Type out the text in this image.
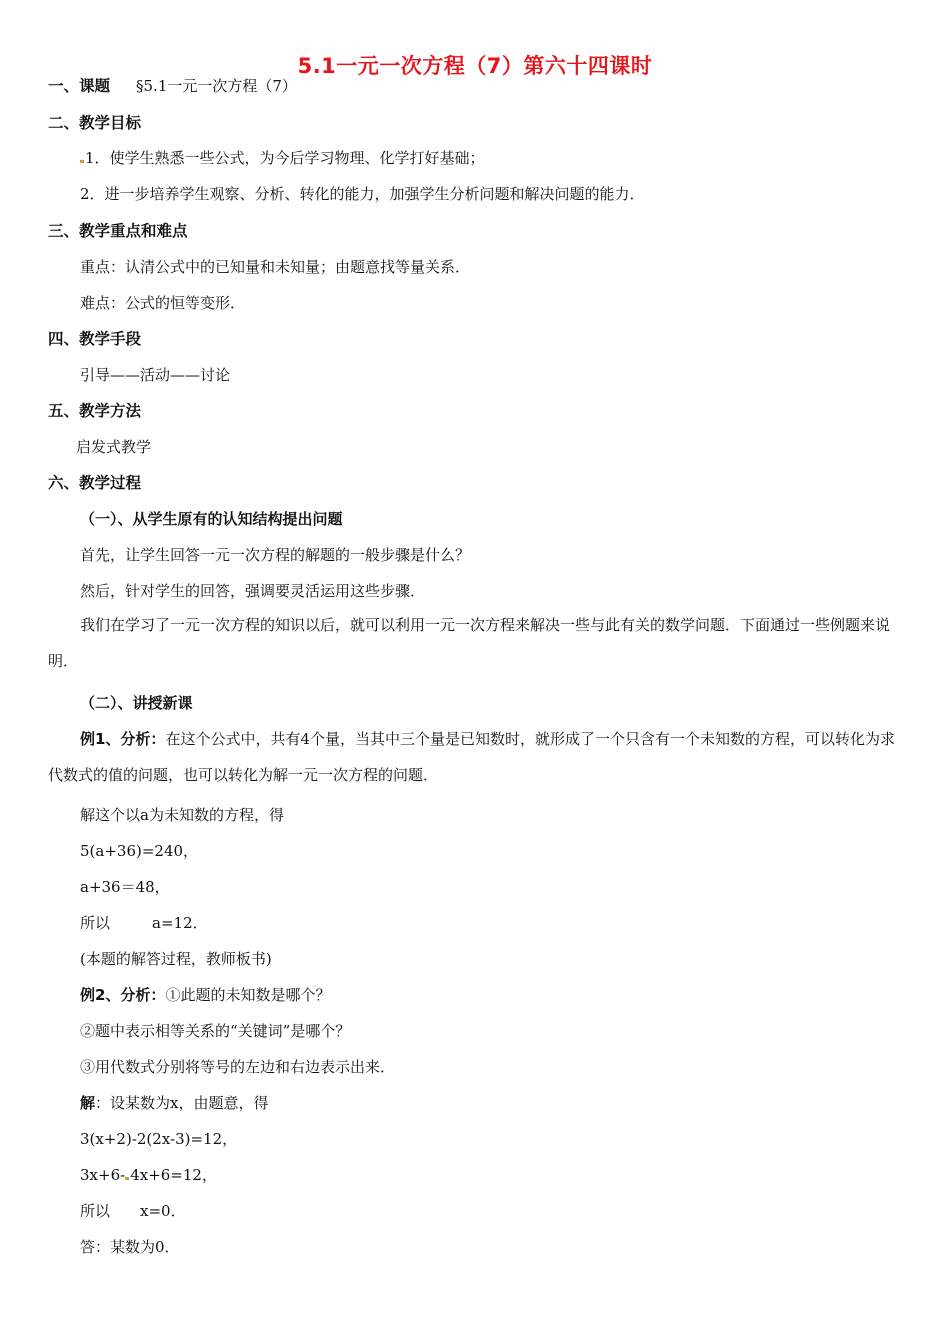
5.1一元一次方程（7）第六十四课时
一、课题 §5.1一元一次方程（7）
二、教学目标
1．使学生熟悉一些公式，为今后学习物理、化学打好基础；
2．进一步培养学生观察、分析、转化的能力，加强学生分析问题和解决问题的能力．
三、教学重点和难点
重点：认清公式中的已知量和未知量；由题意找等量关系．
难点：公式的恒等变形．
四、教学手段
引导——活动——讨论
五、教学方法
启发式教学
六、教学过程
（一）、从学生原有的认知结构提出问题
首先，让学生回答一元一次方程的解题的一般步骤是什么？
然后，针对学生的回答，强调要灵活运用这些步骤．
我们在学习了一元一次方程的知识以后，就可以利用一元一次方程来解决一些与此有关的数学问题．下面通过一些例题来说明．
（二）、讲授新课
例1、分析：在这个公式中，共有4个量，当其中三个量是已知数时，就形成了一个只含有一个未知数的方程，可以转化为求代数式的值的问题，也可以转化为解一元一次方程的问题．
解这个以a为未知数的方程，得
5(a+36)=240，
a+36＝48，
所以	a=12．
(本题的解答过程，教师板书)
例2、分析：①此题的未知数是哪个？
②题中表示相等关系的“关键词”是哪个？
③用代数式分别将等号的左边和右边表示出来．
解：设某数为x，由题意，得
3(x+2)-2(2x-3)=12，
3x+6- 4x+6=12，
所以 x=0．
答：某数为0．
